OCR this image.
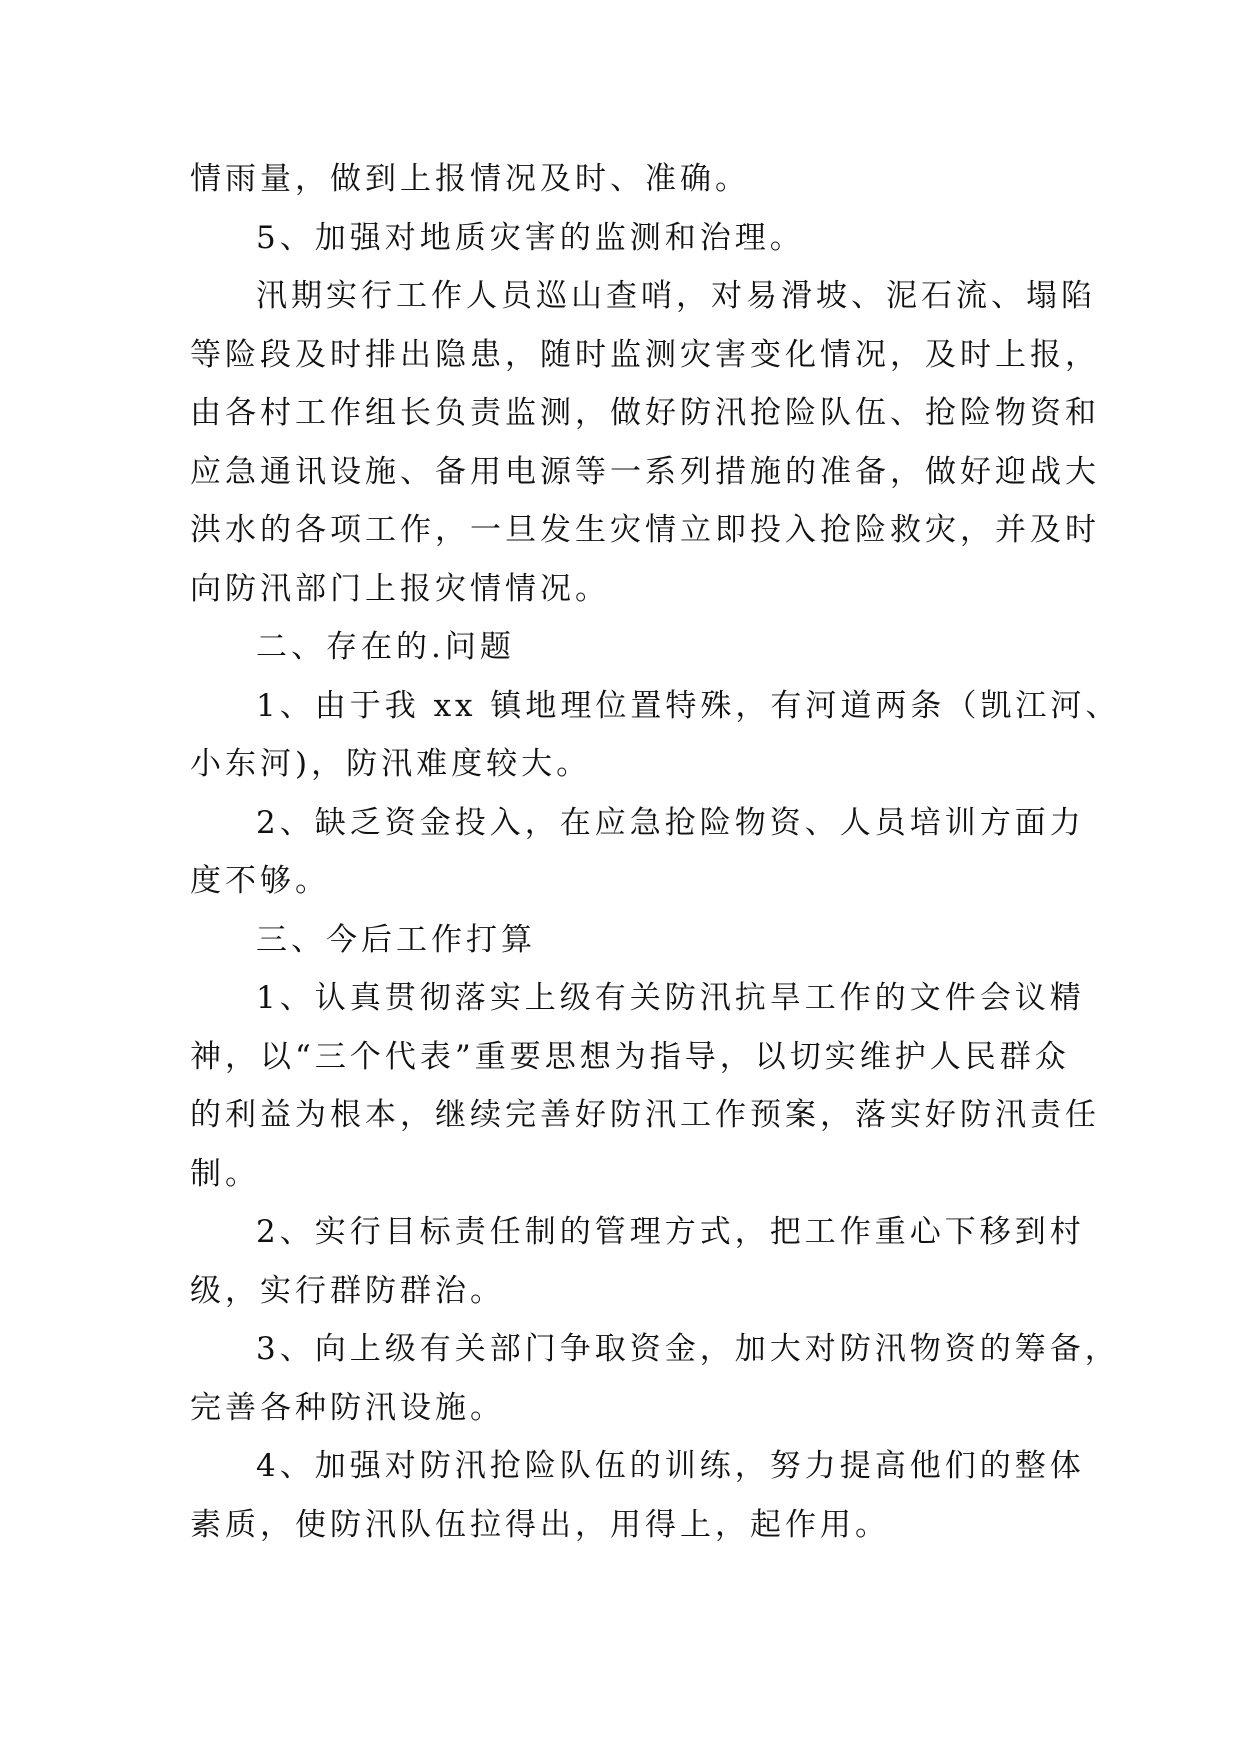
情雨量，做到上报情况及时、准确。
5、加强对地质灾害的监测和治理。
汛期实行工作人员巡山查哨，对易滑坡、泥石流、塌陷
等险段及时排出隐患，随时监测灾害变化情况，及时上报，
由各村工作组长负责监测，做好防汛抢险队伍、抢险物资和
应急通讯设施、备用电源等一系列措施的准备，做好迎战大
洪水的各项工作，一旦发生灾情立即投入抢险救灾，并及时
向防汛部门上报灾情情况。
二、存在的.问题
1、由于我 xx 镇地理位置特殊，有河道两条（凯江河、
小东河)，防汛难度较大。
2、缺乏资金投入，在应急抢险物资、人员培训方面力
度不够。
三、今后工作打算
1、认真贯彻落实上级有关防汛抗旱工作的文件会议精
神，以“三个代表”重要思想为指导，以切实维护人民群众
的利益为根本，继续完善好防汛工作预案，落实好防汛责任
制。
2、实行目标责任制的管理方式，把工作重心下移到村
级，实行群防群治。
3、向上级有关部门争取资金，加大对防汛物资的筹备，
完善各种防汛设施。
4、加强对防汛抢险队伍的训练，努力提高他们的整体
素质，使防汛队伍拉得出，用得上，起作用。
